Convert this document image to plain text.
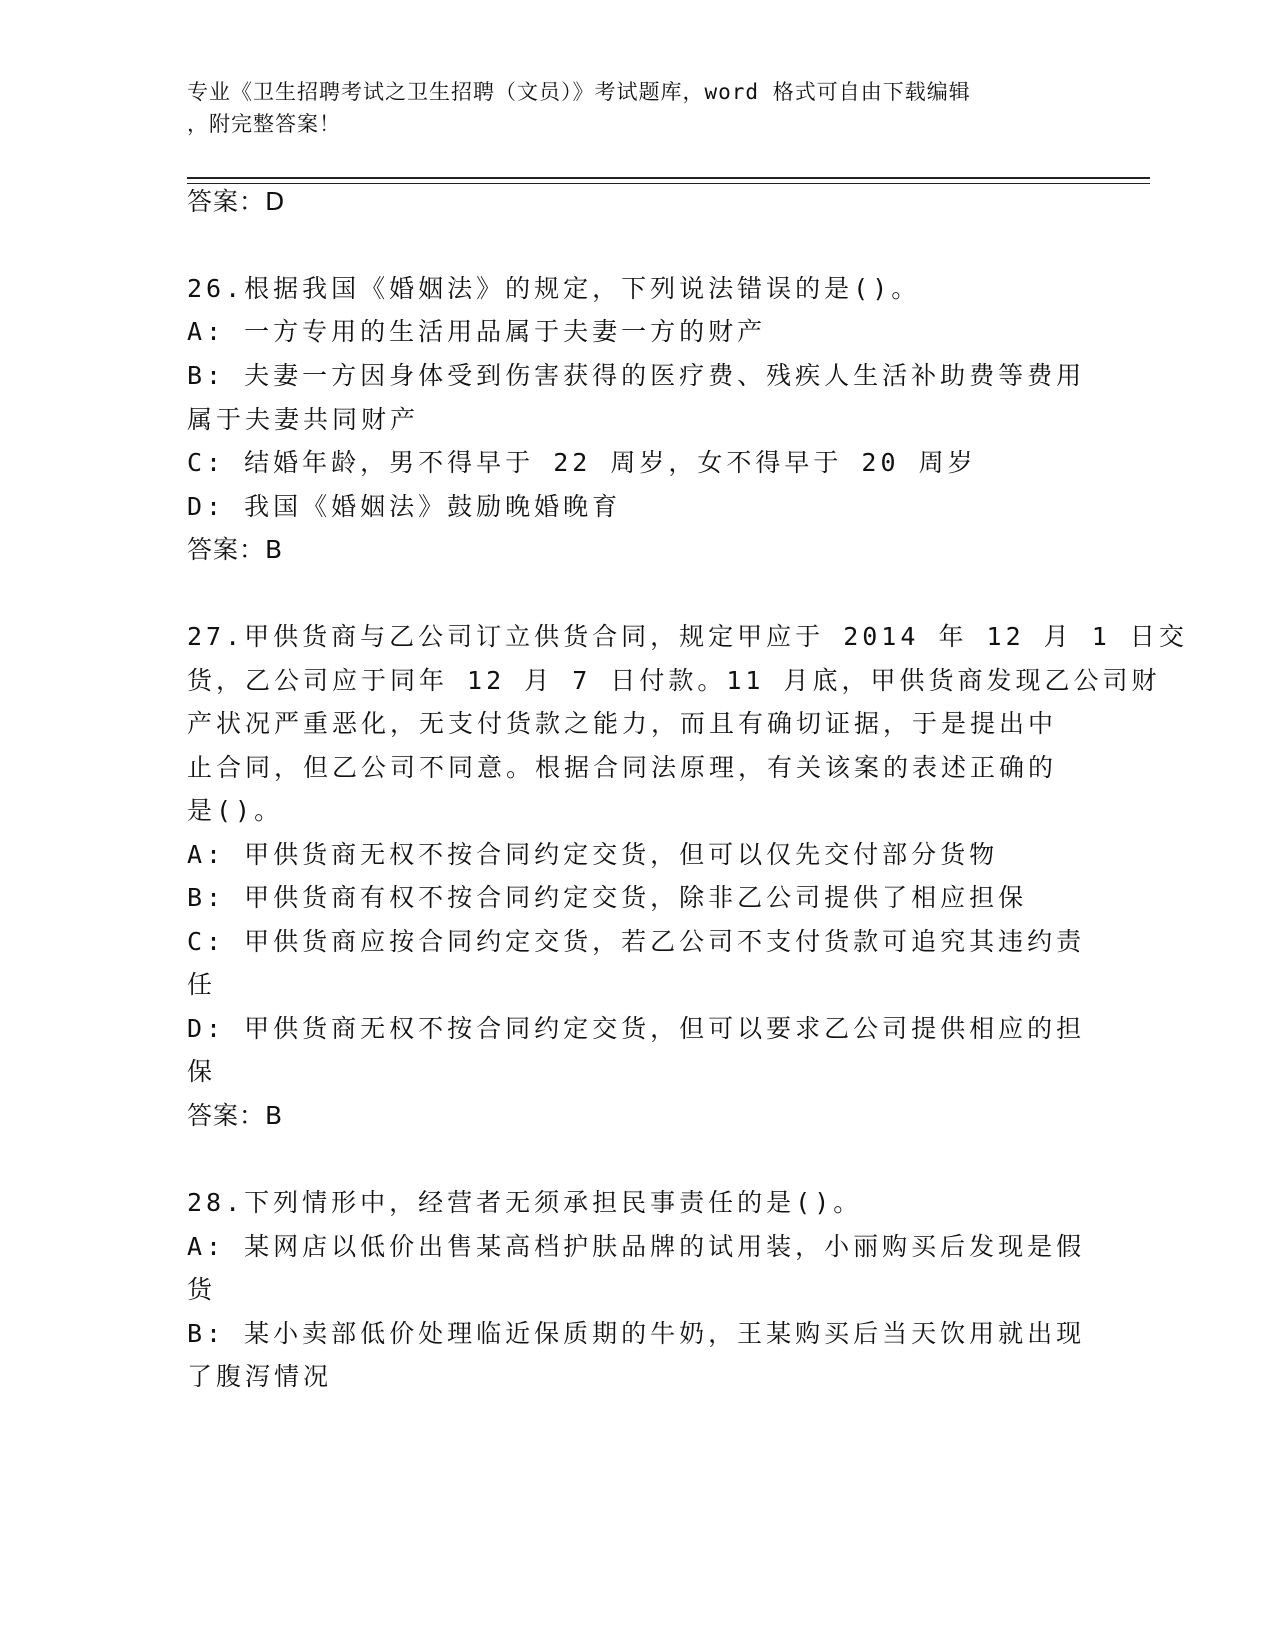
专业《卫生招聘考试之卫生招聘（文员）》考试题库，word 格式可自由下载编辑
，附完整答案！
答案：D
26.根据我国《婚姻法》的规定，下列说法错误的是()。
A: 一方专用的生活用品属于夫妻一方的财产
B: 夫妻一方因身体受到伤害获得的医疗费、残疾人生活补助费等费用
属于夫妻共同财产
C: 结婚年龄，男不得早于 22 周岁，女不得早于 20 周岁
D: 我国《婚姻法》鼓励晚婚晚育
答案：B
27.甲供货商与乙公司订立供货合同，规定甲应于 2014 年 12 月 1 日交
货，乙公司应于同年 12 月 7 日付款。11 月底，甲供货商发现乙公司财
产状况严重恶化，无支付货款之能力，而且有确切证据，于是提出中
止合同，但乙公司不同意。根据合同法原理，有关该案的表述正确的
是()。
A: 甲供货商无权不按合同约定交货，但可以仅先交付部分货物
B: 甲供货商有权不按合同约定交货，除非乙公司提供了相应担保
C: 甲供货商应按合同约定交货，若乙公司不支付货款可追究其违约责
任
D: 甲供货商无权不按合同约定交货，但可以要求乙公司提供相应的担
保
答案：B
28.下列情形中，经营者无须承担民事责任的是()。
A: 某网店以低价出售某高档护肤品牌的试用装，小丽购买后发现是假
货
B: 某小卖部低价处理临近保质期的牛奶，王某购买后当天饮用就出现
了腹泻情况
